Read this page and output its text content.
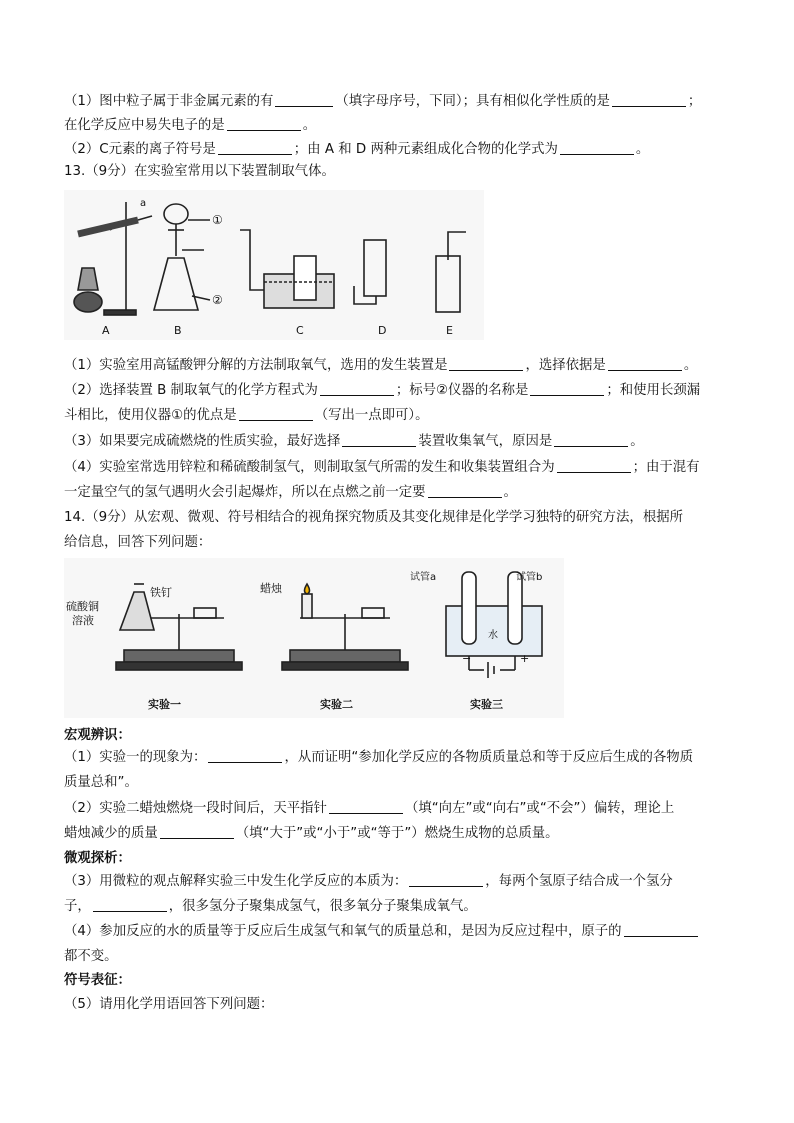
（1）图中粒子属于非金属元素的有	（填字母序号，下同）；具有相似化学性质的是	；
在化学反应中易失电子的是	。
（2）C元素的离子符号是	；由 A 和 D 两种元素组成化合物的化学式为	。
13.（9分）在实验室常用以下装置制取气体。
a
①
②
A	B	C	D	E
（1）实验室用高锰酸钾分解的方法制取氧气，选用的发生装置是	，选择依据是	。
（2）选择装置 B 制取氧气的化学方程式为	；标号②仪器的名称是	；和使用长颈漏
斗相比，使用仪器①的优点是	（写出一点即可）。
（3）如果要完成硫燃烧的性质实验，最好选择	装置收集氧气，原因是	。
（4）实验室常选用锌粒和稀硫酸制氢气，则制取氢气所需的发生和收集装置组合为	；由于混有
一定量空气的氢气遇明火会引起爆炸，所以在点燃之前一定要	。
14.（9分）从宏观、微观、符号相结合的视角探究物质及其变化规律是化学学习独特的研究方法，根据所
给信息，回答下列问题：
铁钉
硫酸铜
溶液
实验一
蜡烛
实验二
试管a	试管b
水
−	+
实验三
宏观辨识：
（1）实验一的现象为：	，从而证明“参加化学反应的各物质质量总和等于反应后生成的各物质
质量总和”。
（2）实验二蜡烛燃烧一段时间后，天平指针	（填“向左”或“向右”或“不会”）偏转，理论上
蜡烛减少的质量	（填“大于”或“小于”或“等于”）燃烧生成物的总质量。
微观探析：
（3）用微粒的观点解释实验三中发生化学反应的本质为：	，每两个氢原子结合成一个氢分
子，	，很多氢分子聚集成氢气，很多氧分子聚集成氧气。
（4）参加反应的水的质量等于反应后生成氢气和氧气的质量总和，是因为反应过程中，原子的
都不变。
符号表征：
（5）请用化学用语回答下列问题：
